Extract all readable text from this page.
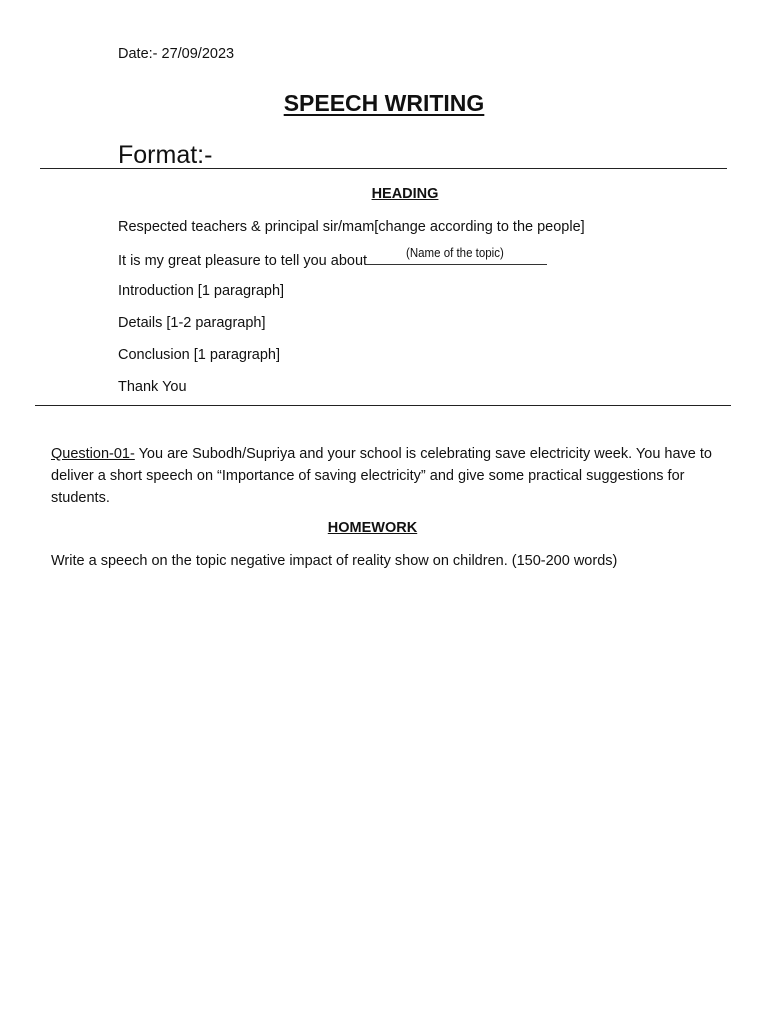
Date:- 27/09/2023
SPEECH WRITING
Format:-
HEADING
Respected teachers & principal sir/mam[change according to the people]
It is my great pleasure to tell you about	(Name of the topic)
Introduction [1 paragraph]
Details [1-2 paragraph]
Conclusion [1 paragraph]
Thank You
Question-01- You are Subodh/Supriya and your school is celebrating save electricity week. You have to deliver a short speech on “Importance of saving electricity” and give some practical suggestions for students.
HOMEWORK
Write a speech on the topic negative impact of reality show on children. (150-200 words)
